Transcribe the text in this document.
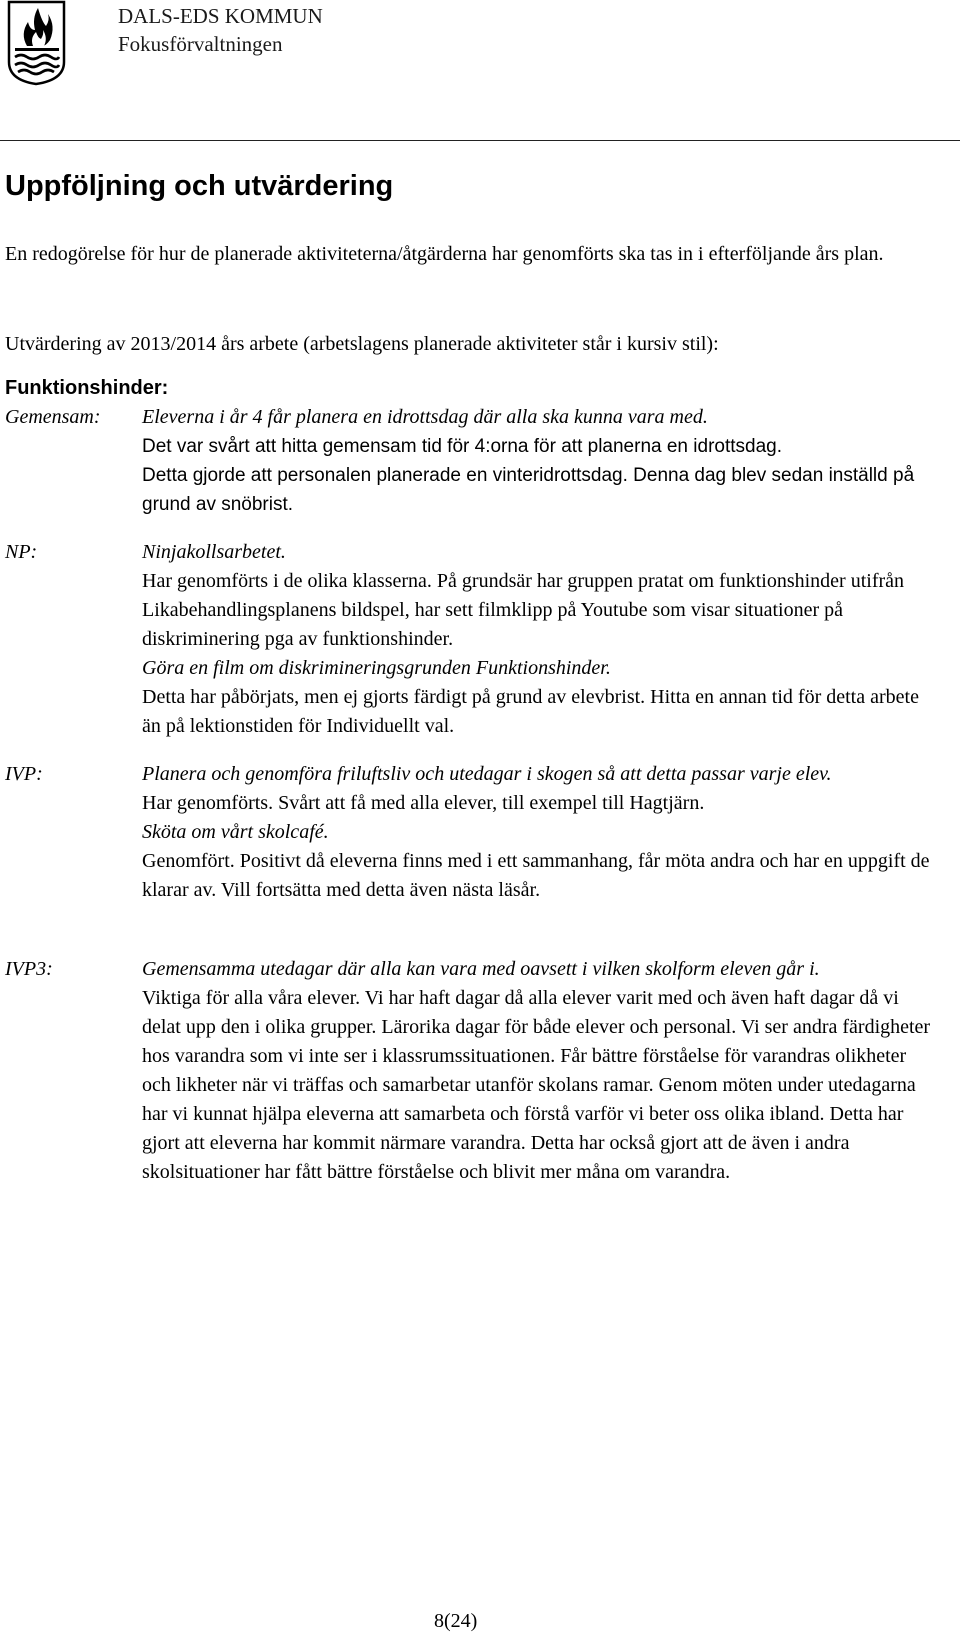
DALS-EDS KOMMUN
Fokusförvaltningen
Uppföljning och utvärdering
En redogörelse för hur de planerade aktiviteterna/åtgärderna har genomförts ska tas in i efterföljande års plan.
Utvärdering av 2013/2014 års arbete (arbetslagens planerade aktiviteter står i kursiv stil):
Funktionshinder:
Gemensam: Eleverna i år 4 får planera en idrottsdag där alla ska kunna vara med.

Det var svårt att hitta gemensam tid för 4:orna för att planerna en idrottsdag.

Detta gjorde att personalen planerade en vinteridrottsdag. Denna dag blev sedan inställd på grund av snöbrist.

NP:	Ninjakollsarbetet.

Har genomförts i de olika klasserna. På grundsär har gruppen pratat om funktionshinder utifrån Likabehandlingsplanens bildspel, har sett filmklipp på Youtube som visar situationer på diskriminering pga av funktionshinder.

Göra en film om diskrimineringsgrunden Funktionshinder.

Detta har påbörjats, men ej gjorts färdigt på grund av elevbrist. Hitta en annan tid för detta arbete än på lektionstiden för Individuellt val.

IVP:	Planera och genomföra friluftsliv och utedagar i skogen så att detta passar varje elev.

Har genomförts. Svårt att få med alla elever, till exempel till Hagtjärn.

Sköta om vårt skolcafé.

Genomfört. Positivt då eleverna finns med i ett sammanhang, får möta andra och har en uppgift de klarar av. Vill fortsätta med detta även nästa läsår.

IVP3:	Gemensamma utedagar där alla kan vara med oavsett i vilken skolform eleven går i.

Viktiga för alla våra elever. Vi har haft dagar då alla elever varit med och även haft dagar då vi delat upp den i olika grupper. Lärorika dagar för både elever och personal. Vi ser andra färdigheter hos varandra som vi inte ser i klassrumssituationen. Får bättre förståelse för varandras olikheter och likheter när vi träffas och samarbetar utanför skolans ramar. Genom möten under utedagarna har vi kunnat hjälpa eleverna att samarbeta och förstå varför vi beter oss olika ibland. Detta har gjort att eleverna har kommit närmare varandra. Detta har också gjort att de även i andra skolsituationer har fått bättre förståelse och blivit mer måna om varandra.

8(24)
